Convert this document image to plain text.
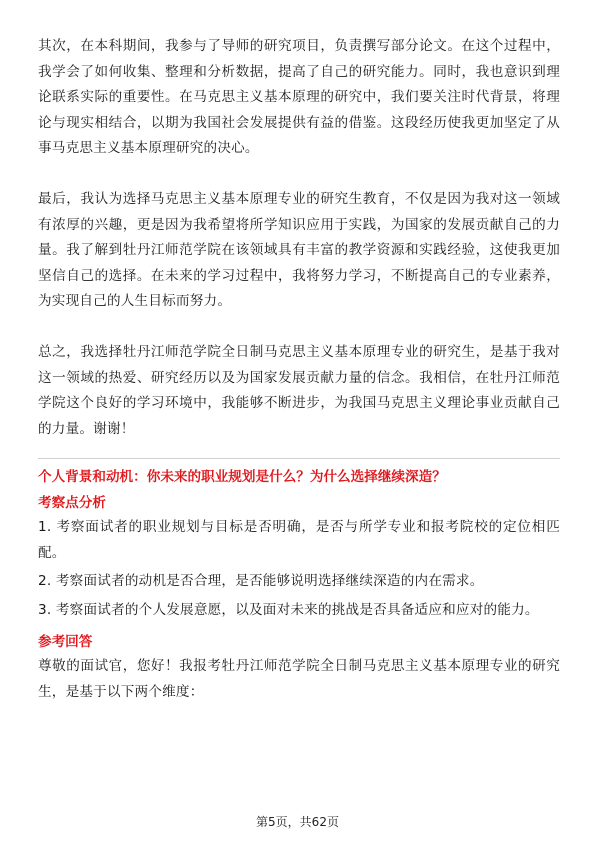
其次，在本科期间，我参与了导师的研究项目，负责撰写部分论文。在这个过程中，我学会了如何收集、整理和分析数据，提高了自己的研究能力。同时，我也意识到理论联系实际的重要性。在马克思主义基本原理的研究中，我们要关注时代背景，将理论与现实相结合，以期为我国社会发展提供有益的借鉴。这段经历使我更加坚定了从事马克思主义基本原理研究的决心。

最后，我认为选择马克思主义基本原理专业的研究生教育，不仅是因为我对这一领域有浓厚的兴趣，更是因为我希望将所学知识应用于实践，为国家的发展贡献自己的力量。我了解到牡丹江师范学院在该领域具有丰富的教学资源和实践经验，这使我更加坚信自己的选择。在未来的学习过程中，我将努力学习，不断提高自己的专业素养，为实现自己的人生目标而努力。

总之，我选择牡丹江师范学院全日制马克思主义基本原理专业的研究生，是基于我对这一领域的热爱、研究经历以及为国家发展贡献力量的信念。我相信，在牡丹江师范学院这个良好的学习环境中，我能够不断进步，为我国马克思主义理论事业贡献自己的力量。谢谢！

个人背景和动机：你未来的职业规划是什么？为什么选择继续深造？

考察点分析

1. 考察面试者的职业规划与目标是否明确，是否与所学专业和报考院校的定位相匹配。

2. 考察面试者的动机是否合理，是否能够说明选择继续深造的内在需求。

3. 考察面试者的个人发展意愿，以及面对未来的挑战是否具备适应和应对的能力。

参考回答

尊敬的面试官，您好！我报考牡丹江师范学院全日制马克思主义基本原理专业的研究生，是基于以下两个维度：

第5页，共62页
